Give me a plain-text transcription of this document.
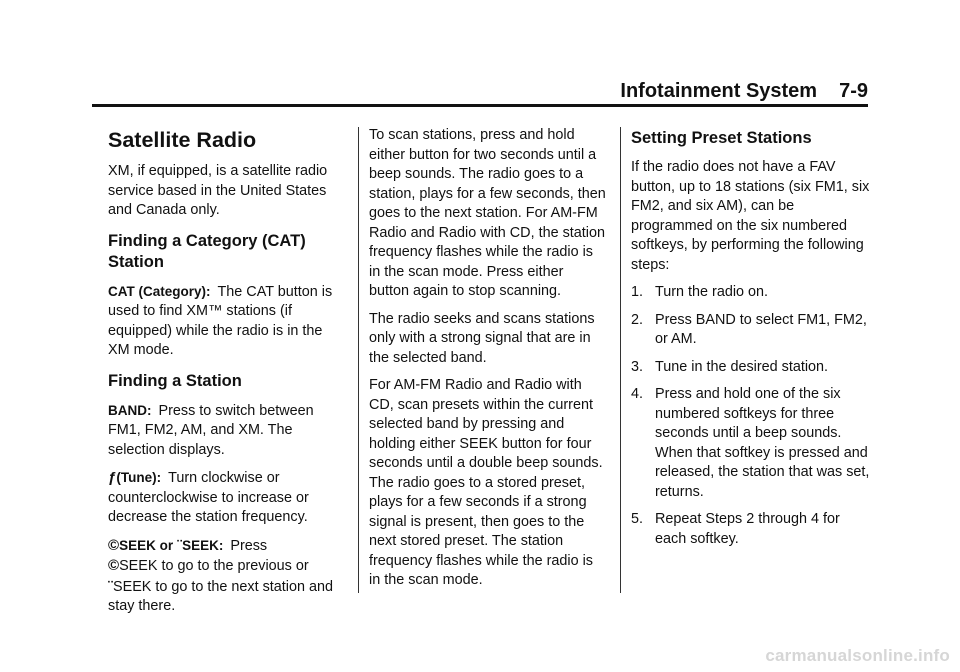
Infotainment System 7-9
Satellite Radio

XM, if equipped, is a satellite radio service based in the United States and Canada only.

Finding a Category (CAT) Station

CAT (Category): The CAT button is used to find XM™ stations (if equipped) while the radio is in the XM mode.

Finding a Station

BAND: Press to switch between FM1, FM2, AM, and XM. The selection displays.

ƒ(Tune): Turn clockwise or counterclockwise to increase or decrease the station frequency.

©SEEK or ¨SEEK: Press
©SEEK to go to the previous or
¨SEEK to go to the next station and stay there.

To scan stations, press and hold either button for two seconds until a beep sounds. The radio goes to a station, plays for a few seconds, then goes to the next station. For AM-FM Radio and Radio with CD, the station frequency flashes while the radio is in the scan mode. Press either button again to stop scanning.

The radio seeks and scans stations only with a strong signal that are in the selected band.

For AM-FM Radio and Radio with CD, scan presets within the current selected band by pressing and holding either SEEK button for four seconds until a double beep sounds. The radio goes to a stored preset, plays for a few seconds if a strong signal is present, then goes to the next stored preset. The station frequency flashes while the radio is in the scan mode.

Setting Preset Stations

If the radio does not have a FAV button, up to 18 stations (six FM1, six FM2, and six AM), can be programmed on the six numbered softkeys, by performing the following steps:

1. Turn the radio on.
2. Press BAND to select FM1, FM2, or AM.
3. Tune in the desired station.
4. Press and hold one of the six numbered softkeys for three seconds until a beep sounds. When that softkey is pressed and released, the station that was set, returns.
5. Repeat Steps 2 through 4 for each softkey.
carmanualsonline.info
